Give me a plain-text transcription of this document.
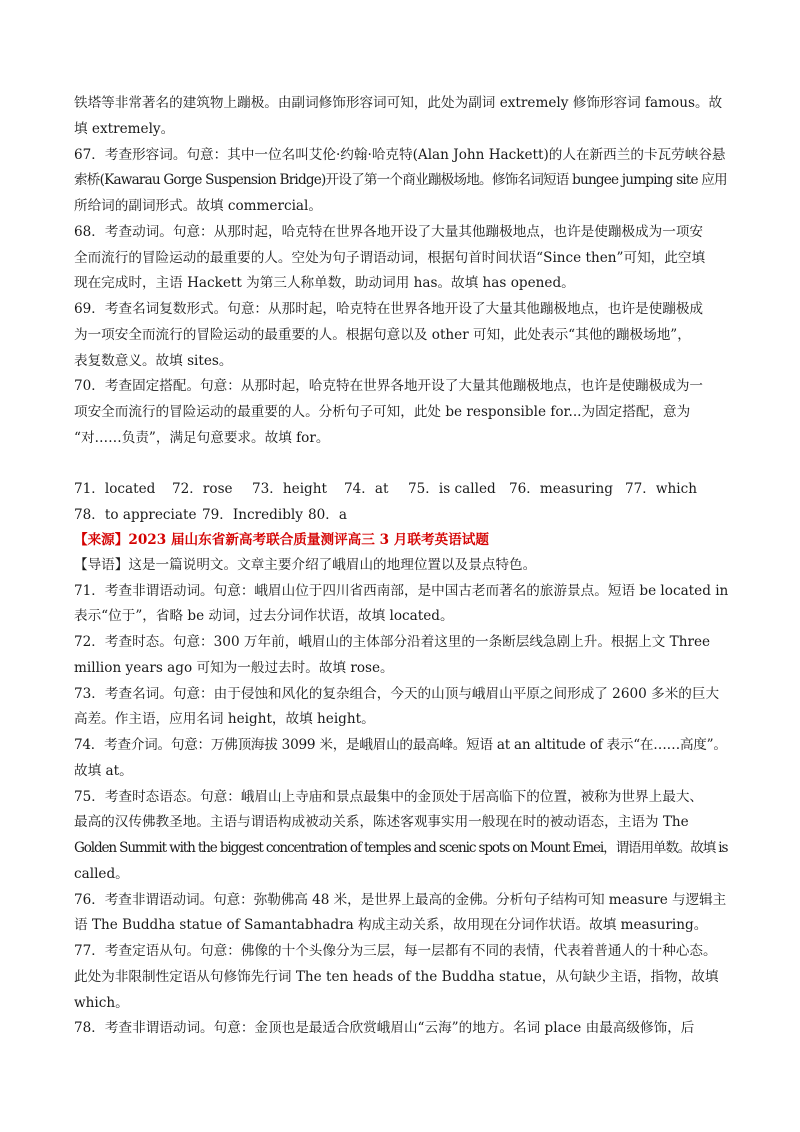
铁塔等非常著名的建筑物上蹦极。由副词修饰形容词可知，此处为副词 extremely 修饰形容词 famous。故
填 extremely。
67．考查形容词。句意：其中一位名叫艾伦·约翰·哈克特(Alan John Hackett)的人在新西兰的卡瓦劳峡谷悬
索桥(Kawarau Gorge Suspension Bridge)开设了第一个商业蹦极场地。修饰名词短语 bungee jumping site 应用
所给词的副词形式。故填 commercial。
68．考查动词。句意：从那时起，哈克特在世界各地开设了大量其他蹦极地点，也许是使蹦极成为一项安
全而流行的冒险运动的最重要的人。空处为句子谓语动词，根据句首时间状语“Since then”可知，此空填
现在完成时，主语 Hackett 为第三人称单数，助动词用 has。故填 has opened。
69．考查名词复数形式。句意：从那时起，哈克特在世界各地开设了大量其他蹦极地点，也许是使蹦极成
为一项安全而流行的冒险运动的最重要的人。根据句意以及 other 可知，此处表示“其他的蹦极场地”，
表复数意义。故填 sites。
70．考查固定搭配。句意：从那时起，哈克特在世界各地开设了大量其他蹦极地点，也许是使蹦极成为一
项安全而流行的冒险运动的最重要的人。分析句子可知，此处 be responsible for...为固定搭配，意为
“对……负责”，满足句意要求。故填 for。
71．located 72．rose 73．height 74．at 75．is called 76．measuring 77．which
78．to appreciate 79．Incredibly 80．a
【来源】2023 届山东省新高考联合质量测评高三 3 月联考英语试题
【导语】这是一篇说明文。文章主要介绍了峨眉山的地理位置以及景点特色。
71．考查非谓语动词。句意：峨眉山位于四川省西南部，是中国古老而著名的旅游景点。短语 be located in
表示“位于”，省略 be 动词，过去分词作状语，故填 located。
72．考查时态。句意：300 万年前，峨眉山的主体部分沿着这里的一条断层线急剧上升。根据上文 Three
million years ago 可知为一般过去时。故填 rose。
73．考查名词。句意：由于侵蚀和风化的复杂组合，今天的山顶与峨眉山平原之间形成了 2600 多米的巨大
高差。作主语，应用名词 height，故填 height。
74．考查介词。句意：万佛顶海拔 3099 米，是峨眉山的最高峰。短语 at an altitude of 表示“在……高度”。
故填 at。
75．考查时态语态。句意：峨眉山上寺庙和景点最集中的金顶处于居高临下的位置，被称为世界上最大、
最高的汉传佛教圣地。主语与谓语构成被动关系，陈述客观事实用一般现在时的被动语态，主语为 The
Golden Summit with the biggest concentration of temples and scenic spots on Mount Emei，谓语用单数。故填 is
called。
76．考查非谓语动词。句意：弥勒佛高 48 米，是世界上最高的金佛。分析句子结构可知 measure 与逻辑主
语 The Buddha statue of Samantabhadra 构成主动关系，故用现在分词作状语。故填 measuring。
77．考查定语从句。句意：佛像的十个头像分为三层，每一层都有不同的表情，代表着普通人的十种心态。
此处为非限制性定语从句修饰先行词 The ten heads of the Buddha statue，从句缺少主语，指物，故填
which。
78．考查非谓语动词。句意：金顶也是最适合欣赏峨眉山“云海”的地方。名词 place 由最高级修饰，后
